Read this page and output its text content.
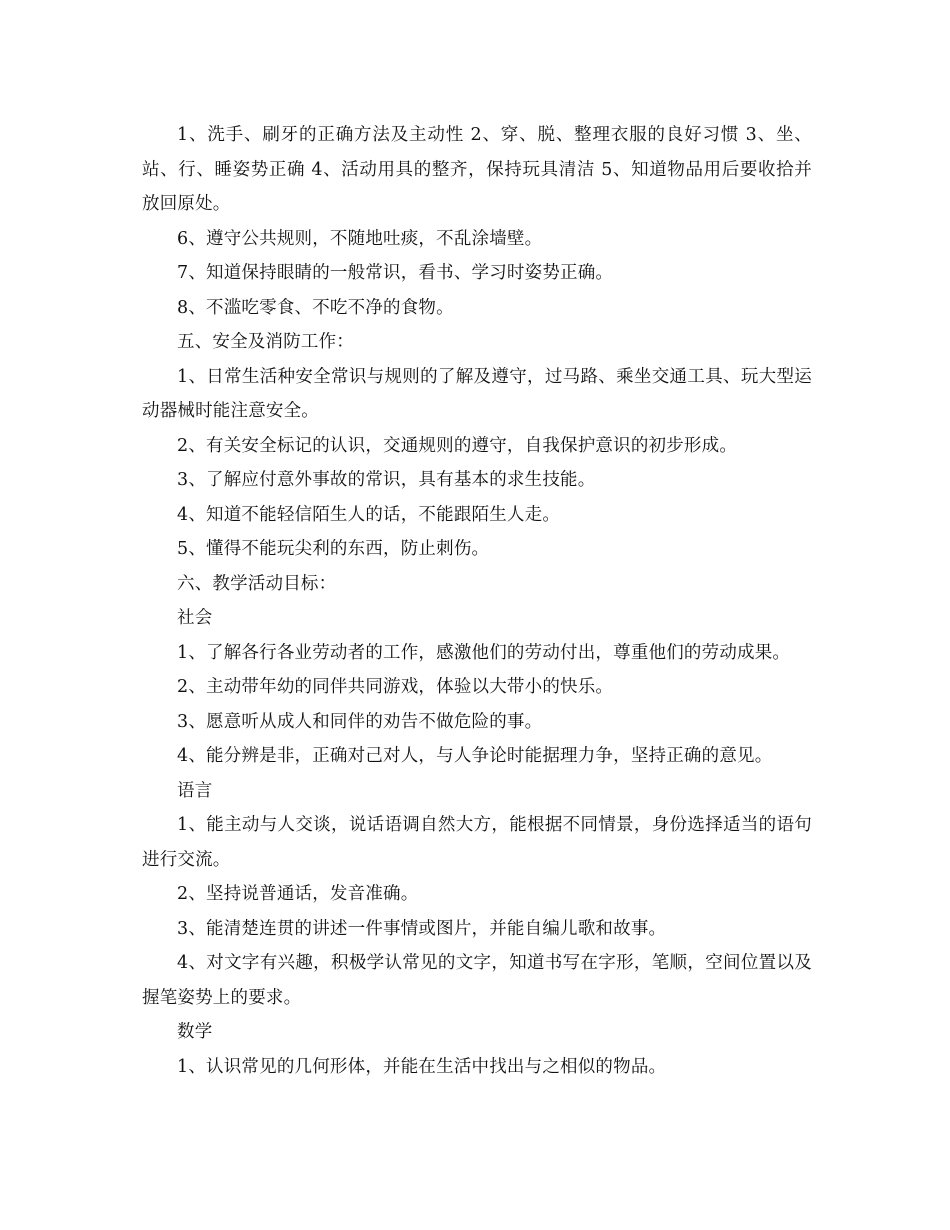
1、洗手、刷牙的正确方法及主动性 2、穿、脱、整理衣服的良好习惯 3、坐、站、行、睡姿势正确 4、活动用具的整齐，保持玩具清洁 5、知道物品用后要收拾并放回原处。

6、遵守公共规则，不随地吐痰，不乱涂墙壁。

7、知道保持眼睛的一般常识，看书、学习时姿势正确。

8、不滥吃零食、不吃不净的食物。

五、安全及消防工作：

1、日常生活种安全常识与规则的了解及遵守，过马路、乘坐交通工具、玩大型运动器械时能注意安全。

2、有关安全标记的认识，交通规则的遵守，自我保护意识的初步形成。

3、了解应付意外事故的常识，具有基本的求生技能。

4、知道不能轻信陌生人的话，不能跟陌生人走。

5、懂得不能玩尖利的东西，防止刺伤。

六、教学活动目标：

社会

1、了解各行各业劳动者的工作，感激他们的劳动付出，尊重他们的劳动成果。

2、主动带年幼的同伴共同游戏，体验以大带小的快乐。

3、愿意听从成人和同伴的劝告不做危险的事。

4、能分辨是非，正确对己对人，与人争论时能据理力争，坚持正确的意见。

语言

1、能主动与人交谈，说话语调自然大方，能根据不同情景，身份选择适当的语句进行交流。

2、坚持说普通话，发音准确。

3、能清楚连贯的讲述一件事情或图片，并能自编儿歌和故事。

4、对文字有兴趣，积极学认常见的文字，知道书写在字形，笔顺，空间位置以及握笔姿势上的要求。

数学

1、认识常见的几何形体，并能在生活中找出与之相似的物品。
